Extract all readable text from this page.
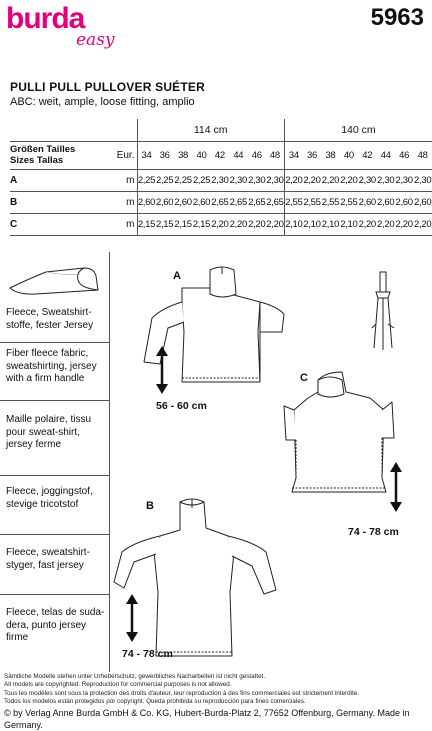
burda
easy
5963
PULLI PULL PULLOVER SUÉTER
ABC: weit, ample, loose fitting, amplio
		114 cm								140 cm							

Größen Tailles
Sizes Tallas	Eur.	34	36	38	40	42	44	46	48	34	36	38	40	42	44	46	48
A	m	2,25	2,25	2,25	2,25	2,30	2,30	2,30	2,30	2,20	2,20	2,20	2,20	2,30	2,30	2,30	2,30
B	m	2,60	2,60	2,60	2,60	2,65	2,65	2,65	2,65	2,55	2,55	2,55	2,55	2,60	2,60	2,60	2,60
C	m	2,15	2,15	2,15	2,15	2,20	2,20	2,20	2,20	2,10	2,10	2,10	2,10	2,20	2,20	2,20	2,20
Fleece, Sweatshirt-stoffe, fester Jersey
Fiber fleece fabric, sweatshirting, jersey with a firm handle
Maille polaire, tissu pour sweat-shirt, jersey ferme
Fleece, joggingstof, stevige tricotstof
Fleece, sweatshirt-styger, fast jersey
Fleece, telas de suda-dera, punto jersey firme
A
56 - 60 cm
C
74 - 78 cm
B
74 - 78 cm
Sämtliche Modelle stehen unter Urheberschutz, gewerbliches Nacharbeiten ist nicht gestattet.
All models are copyrighted. Reproduction for commercial purposes is not allowed.
Tous les modèles sont sous la protection des droits d'auteur, leur reproduction à des fins commerciales est strictement interdite.
Todos los modelos están protegidos por copyright. Queda prohibida su reproducción para fines comerciales.
© by Verlag Anne Burda GmbH & Co. KG, Hubert-Burda-Platz 2, 77652 Offenburg, Germany. Made in Germany.
